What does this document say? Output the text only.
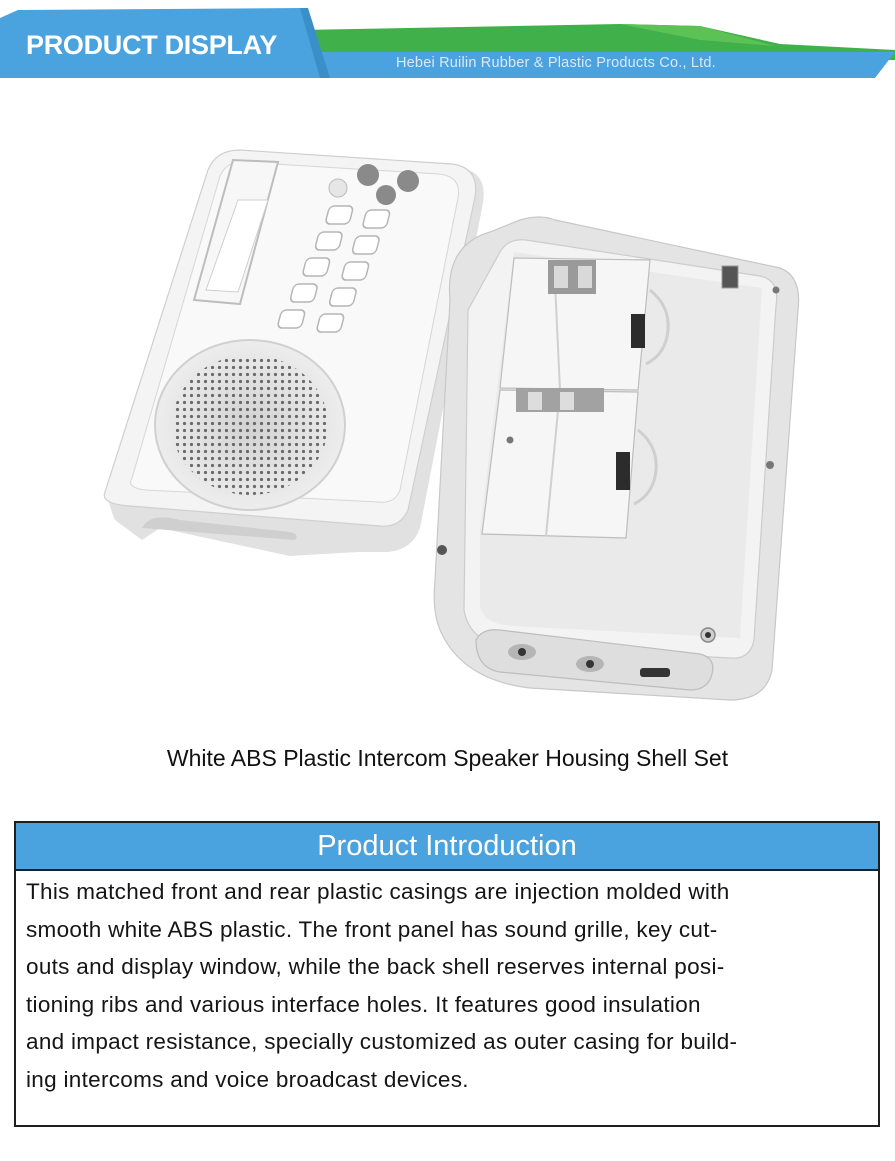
PRODUCT DISPLAY
Hebei Ruilin Rubber & Plastic Products Co., Ltd.
White ABS Plastic Intercom Speaker Housing Shell Set
Product Introduction
This matched front and rear plastic casings are injection molded with
smooth white ABS plastic. The front panel has sound grille, key cut-
outs and display window, while the back shell reserves internal posi-
tioning ribs and various interface holes. It features good insulation
and impact resistance, specially customized as outer casing for build-
ing intercoms and voice broadcast devices.
